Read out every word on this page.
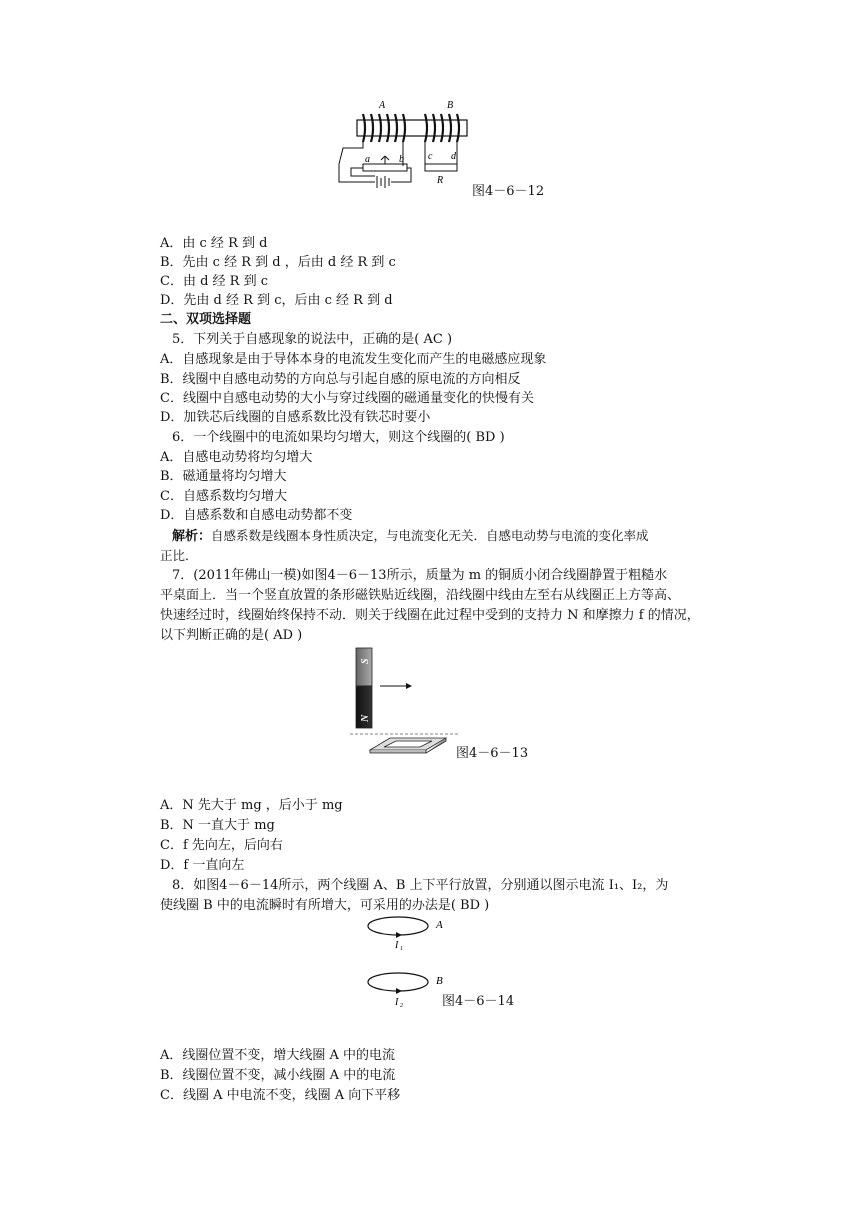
A	B
a	b c d
R
图4－6－12
A．由 c 经 R 到 d
B．先由 c 经 R 到 d ，后由 d 经 R 到 c
C．由 d 经 R 到 c
D．先由 d 经 R 到 c，后由 c 经 R 到 d
二、双项选择题
5．下列关于自感现象的说法中，正确的是( AC )
A．自感现象是由于导体本身的电流发生变化而产生的电磁感应现象
B．线圈中自感电动势的方向总与引起自感的原电流的方向相反
C．线圈中自感电动势的大小与穿过线圈的磁通量变化的快慢有关
D．加铁芯后线圈的自感系数比没有铁芯时要小
6．一个线圈中的电流如果均匀增大，则这个线圈的( BD )
A．自感电动势将均匀增大
B．磁通量将均匀增大
C．自感系数均匀增大
D．自感系数和自感电动势都不变
解析：自感系数是线圈本身性质决定，与电流变化无关．自感电动势与电流的变化率成
正比．
7．(2011年佛山一模)如图4－6－13所示，质量为 m 的铜质小闭合线圈静置于粗糙水
平桌面上．当一个竖直放置的条形磁铁贴近线圈，沿线圈中线由左至右从线圈正上方等高、
快速经过时，线圈始终保持不动．则关于线圈在此过程中受到的支持力 N 和摩擦力 f 的情况，
以下判断正确的是( AD )
S
N
图4－6－13
A．N 先大于 mg ，后小于 mg
B．N 一直大于 mg
C．f 先向左，后向右
D．f 一直向左
8．如图4－6－14所示，两个线圈 A、B 上下平行放置，分别通以图示电流 I₁、I₂，为
使线圈 B 中的电流瞬时有所增大，可采用的办法是( BD )
A
I 1
B
I 2	图4－6－14
A．线圈位置不变，增大线圈 A 中的电流
B．线圈位置不变，减小线圈 A 中的电流
C．线圈 A 中电流不变，线圈 A 向下平移
